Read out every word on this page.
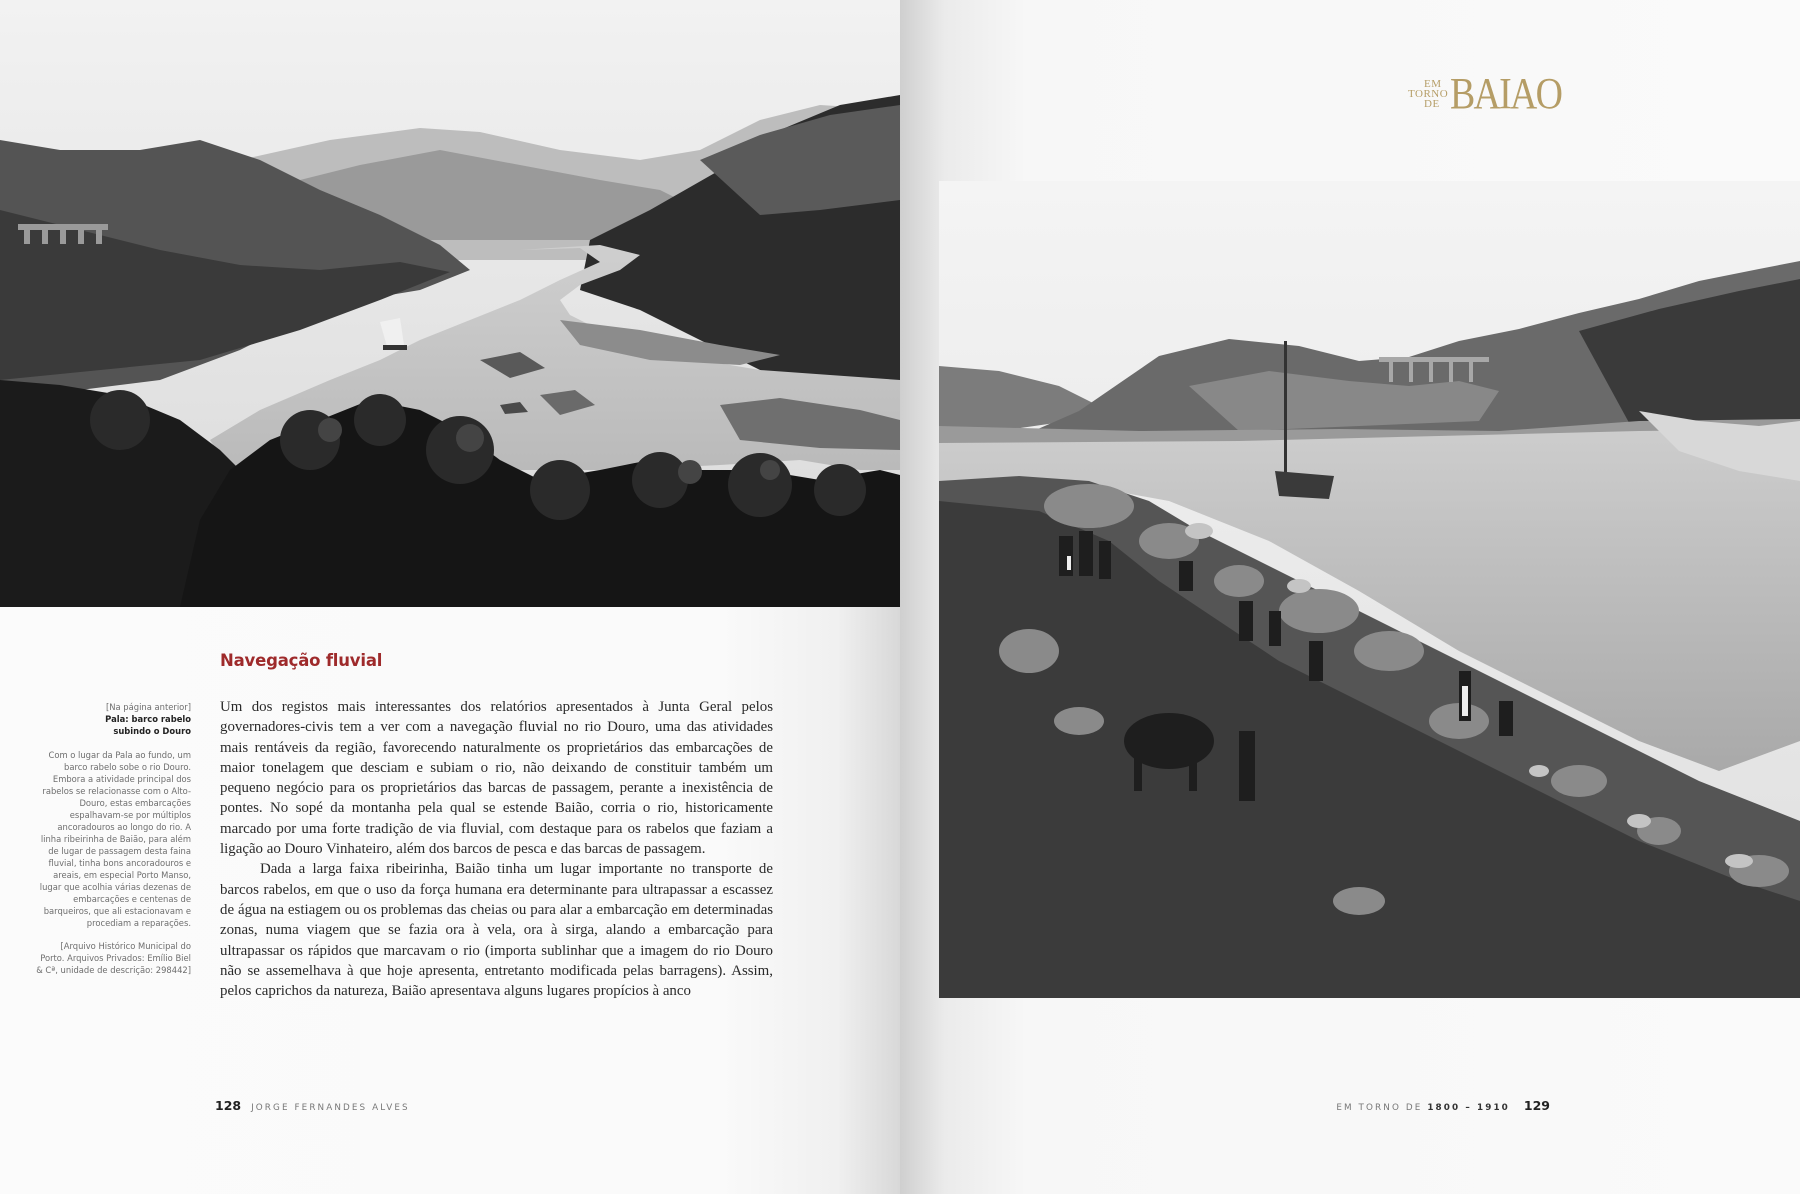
Navegação fluvial

[Na página anterior]

Pala: barco rabelo
subindo o Douro

Com o lugar da Pala ao fundo, um barco rabelo sobe o rio Douro. Embora a atividade principal dos rabelos se relacionasse com o Alto-Douro, estas embarcações espalhavam-se por múltiplos ancoradouros ao longo do rio. A linha ribeirinha de Baião, para além de lugar de passagem desta faina fluvial, tinha bons ancoradouros e areais, em especial Porto Manso, lugar que acolhia várias dezenas de embarcações e centenas de barqueiros, que ali estacionavam e procediam a reparações.

[Arquivo Histórico Municipal do Porto. Arquivos Privados: Emílio Biel & Cª, unidade de descrição: 298442]

Um dos registos mais interessantes dos relatórios apresentados à Junta Geral pelos governadores-civis tem a ver com a navegação fluvial no rio Douro, uma das atividades mais rentáveis da região, favorecendo naturalmente os proprietários das embarcações de maior tonelagem que desciam e subiam o rio, não deixando de constituir também um pequeno negócio para os proprietários das barcas de passagem, perante a inexistência de pontes. No sopé da montanha pela qual se estende Baião, corria o rio, historicamente marcado por uma forte tradição de via fluvial, com destaque para os rabelos que faziam a ligação ao Douro Vinhateiro, além dos barcos de pesca e das barcas de passagem.

Dada a larga faixa ribeirinha, Baião tinha um lugar importante no transporte de barcos rabelos, em que o uso da força humana era determinante para ultrapassar a escassez de água na estiagem ou os problemas das cheias ou para alar a embarcação em determinadas zonas, numa viagem que se fazia ora à vela, ora à sirga, alando a embarcação para ultrapassar os rápidos que marcavam o rio (importa sublinhar que a imagem do rio Douro não se assemelhava à que hoje apresenta, entretanto modificada pelas barragens). Assim, pelos caprichos da natureza, Baião apresentava alguns lugares propícios à anco

128 JORGE FERNANDES ALVES
EM
TORNO
DE BAIAO
EM TORNO DE 1800 – 1910 129
